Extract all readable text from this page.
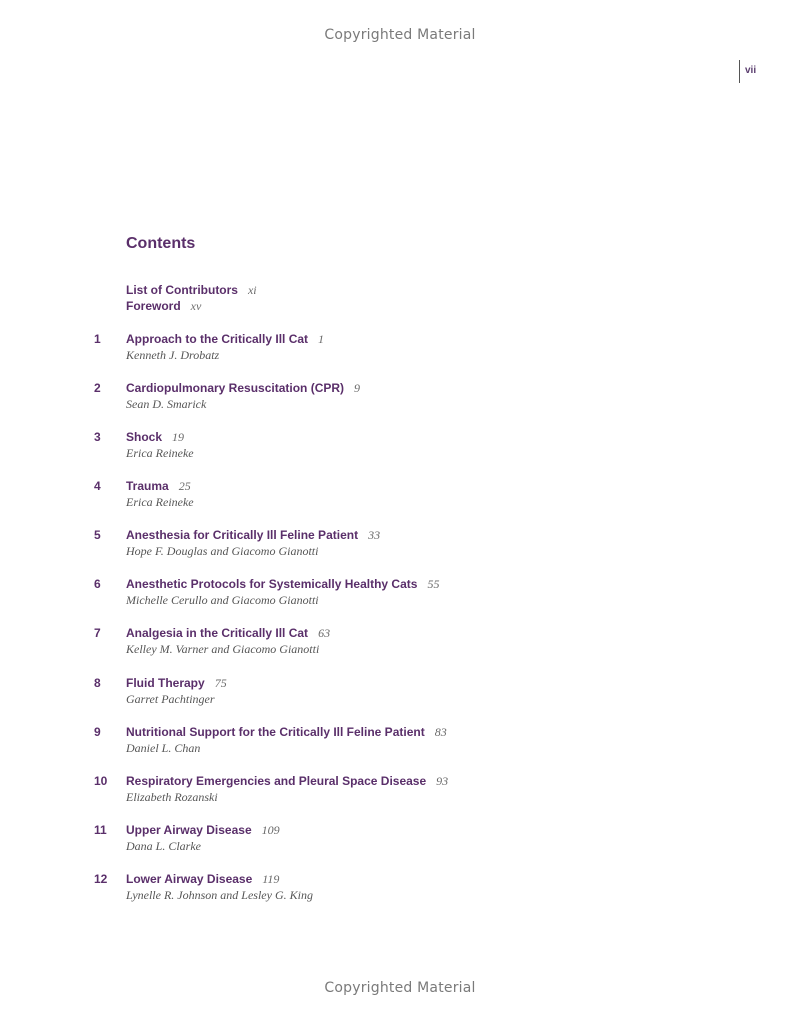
Copyrighted Material
vii
Contents
List of Contributors xi
Foreword xv
1 Approach to the Critically Ill Cat 1
Kenneth J. Drobatz
2 Cardiopulmonary Resuscitation (CPR) 9
Sean D. Smarick
3 Shock 19
Erica Reineke
4 Trauma 25
Erica Reineke
5 Anesthesia for Critically Ill Feline Patient 33
Hope F. Douglas and Giacomo Gianotti
6 Anesthetic Protocols for Systemically Healthy Cats 55
Michelle Cerullo and Giacomo Gianotti
7 Analgesia in the Critically Ill Cat 63
Kelley M. Varner and Giacomo Gianotti
8 Fluid Therapy 75
Garret Pachtinger
9 Nutritional Support for the Critically Ill Feline Patient 83
Daniel L. Chan
10 Respiratory Emergencies and Pleural Space Disease 93
Elizabeth Rozanski
11 Upper Airway Disease 109
Dana L. Clarke
12 Lower Airway Disease 119
Lynelle R. Johnson and Lesley G. King
Copyrighted Material
